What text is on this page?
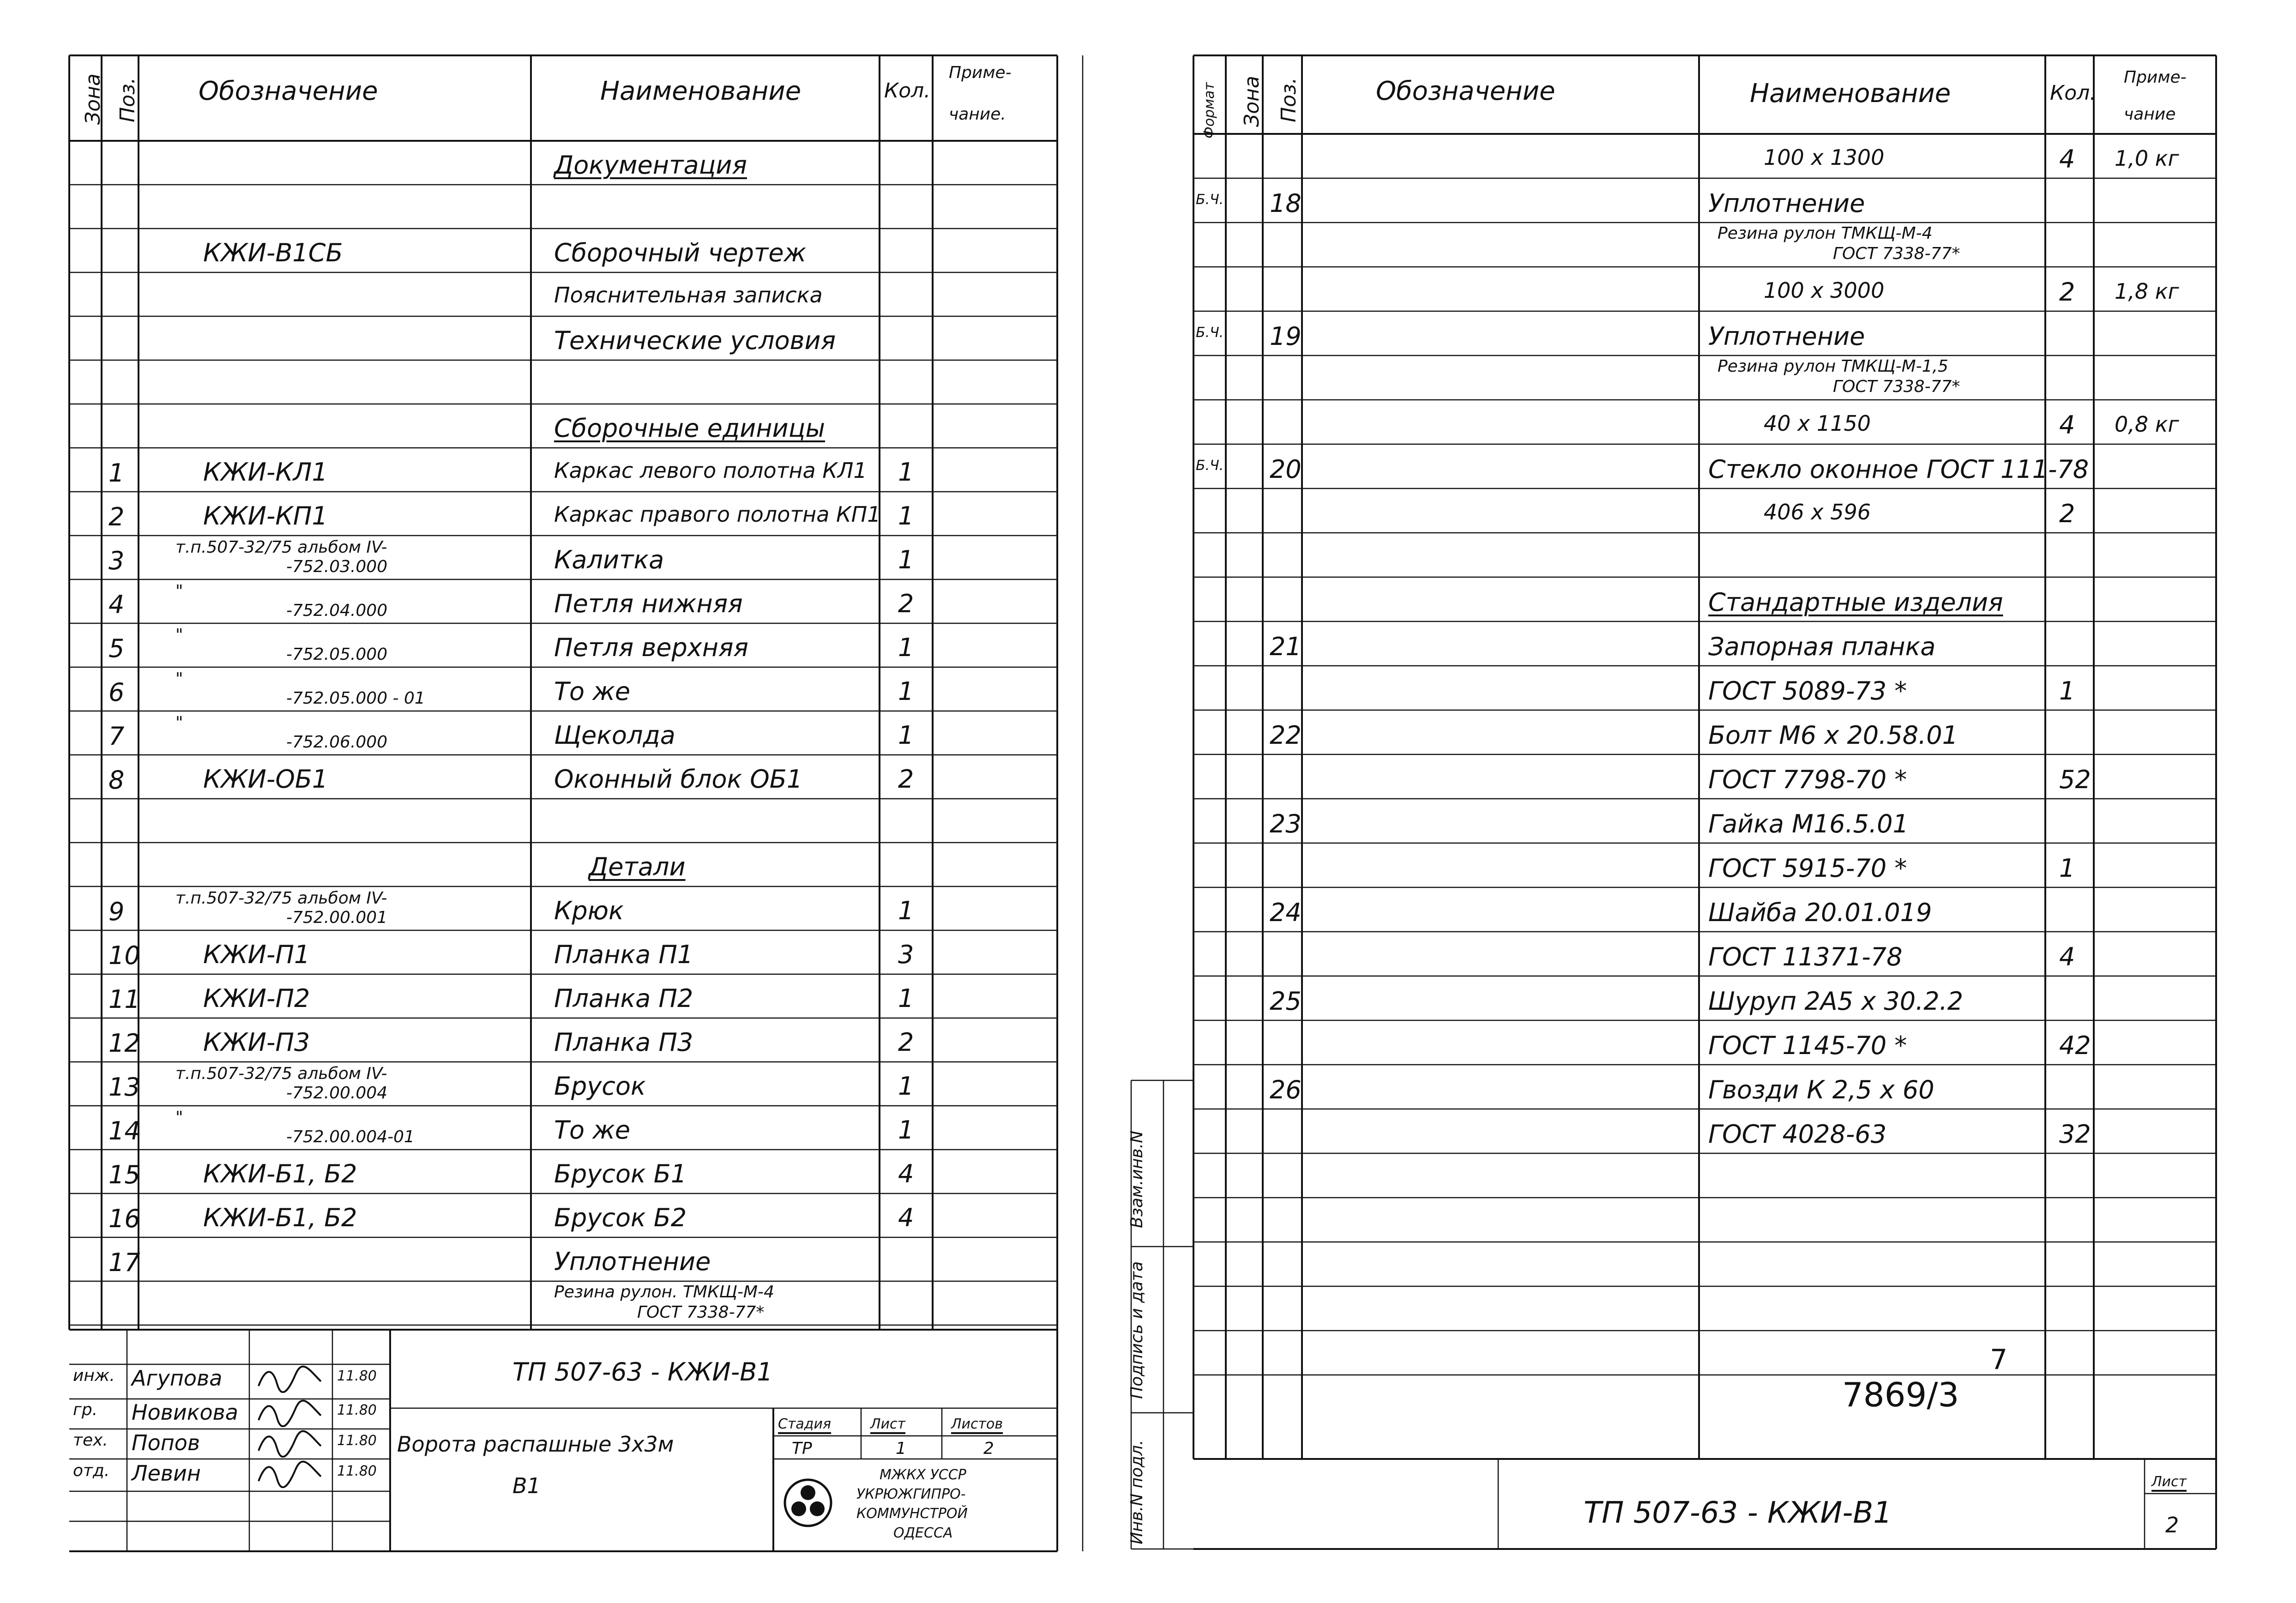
Зона Поз. Обозначение	Наименование	Кол.
Приме-
чание.
Документация
КЖИ-В1СБ	Сборочный чертеж
Пояснительная записка
Технические условия
Сборочные единицы
1	КЖИ-КЛ1	Каркас левого полотна КЛ1 1
2	КЖИ-КП1	Каркас правого полотна КП1 1
3	т.п.507-32/75 альбом IV-
-752.03.000	Калитка	1
4	"
-752.04.000	Петля нижняя	2
5	"
-752.05.000	Петля верхняя	1
6	"
-752.05.000 - 01	То же	1
7	"
-752.06.000	Щеколда	1
8	КЖИ-ОБ1	Оконный блок ОБ1	2
Детали
9	т.п.507-32/75 альбом IV-
-752.00.001	Крюк	1
10	КЖИ-П1	Планка П1	3
11	КЖИ-П2	Планка П2	1
12	КЖИ-П3	Планка П3	2
13 т.п.507-32/75 альбом IV-
-752.00.004	Брусок	1
14 "
-752.00.004-01	То же	1
15	КЖИ-Б1, Б2	Брусок Б1	4
16	КЖИ-Б1, Б2	Брусок Б2	4
17	Уплотнение
Резина рулон. ТМКЩ-М-4
ГОСТ 7338-77*
ТП 507-63 - КЖИ-В1
Ворота распашные 3х3м
В1
Стадия	Лист	Листов
ТР	1	2
МЖКХ УССР
УКРЮЖГИПРО-
КОММУНСТРОЙ
ОДЕССА
инж. Агупова	11.80
гр. Новикова	11.80
тех. Попов	11.80
отд. Левин	11.80
Формат Зона Поз.	Обозначение	Наименование	Кол.
Приме-
чание
100 х 1300	4 1,0 кг
Б.Ч. 18	Уплотнение
Резина рулон ТМКЩ-М-4
ГОСТ 7338-77*
100 х 3000	2 1,8 кг
Б.Ч. 19	Уплотнение
Резина рулон ТМКЩ-М-1,5
ГОСТ 7338-77*
40 х 1150	4 0,8 кг
Б.Ч. 20	Стекло оконное ГОСТ 111-78
406 х 596	2
Стандартные изделия
21	Запорная планка
ГОСТ 5089-73 *	1
22	Болт М6 х 20.58.01
ГОСТ 7798-70 *	52
23	Гайка М16.5.01
ГОСТ 5915-70 *	1
24	Шайба 20.01.019
ГОСТ 11371-78	4
25	Шуруп 2А5 х 30.2.2
ГОСТ 1145-70 *	42
26	Гвозди К 2,5 х 60
ГОСТ 4028-63	32
Инв.N подл.
Подпись и дата
Взам.инв.N
7869/3
7
ТП 507-63 - КЖИ-В1
Лист
2
